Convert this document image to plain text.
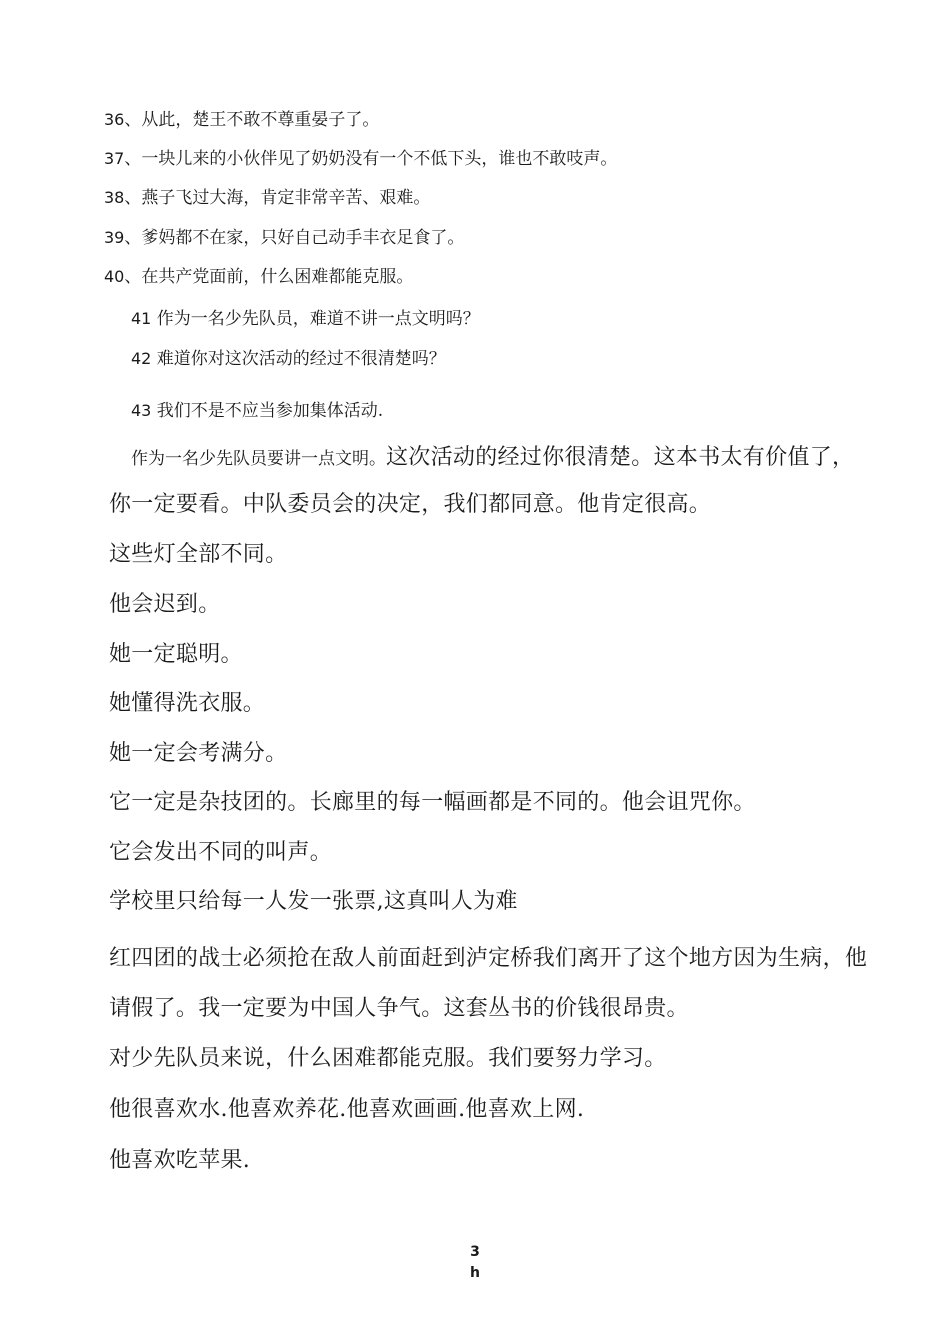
36、从此，楚王不敢不尊重晏子了。
37、一块儿来的小伙伴见了奶奶没有一个不低下头，谁也不敢吱声。
38、燕子飞过大海，肯定非常辛苦、艰难。
39、爹妈都不在家，只好自己动手丰衣足食了。
40、在共产党面前，什么困难都能克服。
41 作为一名少先队员，难道不讲一点文明吗？
42 难道你对这次活动的经过不很清楚吗？
43 我们不是不应当参加集体活动.
作为一名少先队员要讲一点文明。这次活动的经过你很清楚。这本书太有价值了，
你一定要看。中队委员会的决定，我们都同意。他肯定很高。
这些灯全部不同。
他会迟到。
她一定聪明。
她懂得洗衣服。
她一定会考满分。
它一定是杂技团的。长廊里的每一幅画都是不同的。他会诅咒你。
它会发出不同的叫声。
学校里只给每一人发一张票,这真叫人为难
红四团的战士必须抢在敌人前面赶到泸定桥我们离开了这个地方因为生病，他
请假了。我一定要为中国人争气。这套丛书的价钱很昂贵。
对少先队员来说，什么困难都能克服。我们要努力学习。
他很喜欢水.他喜欢养花.他喜欢画画.他喜欢上网.
他喜欢吃苹果.
3
h
